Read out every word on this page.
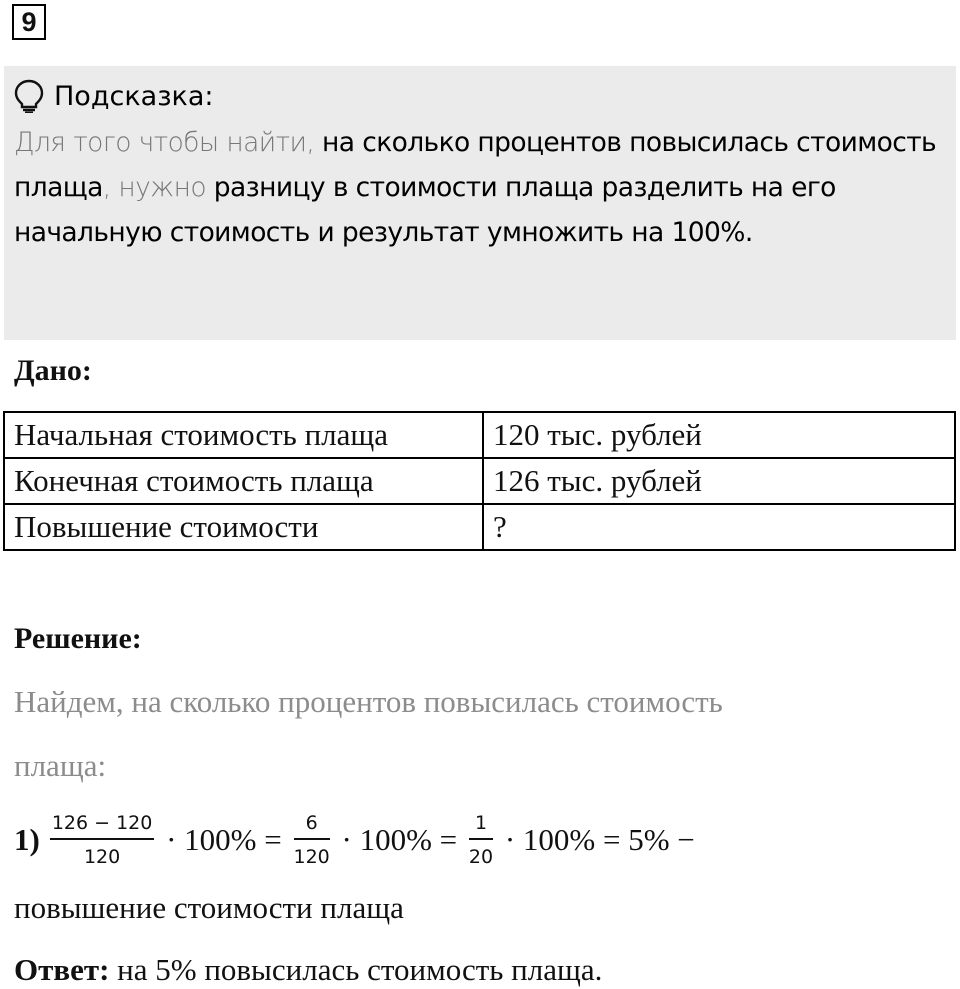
9
Подсказка:
Для того чтобы найти, на сколько процентов повысилась стоимость плаща, нужно разницу в стоимости плаща разделить на его начальную стоимость и результат умножить на 100%.
Дано:
Начальная стоимость плаща	120 тыс. рублей
Конечная стоимость плаща	126 тыс. рублей
Повышение стоимости	?
Решение:
Найдем, на сколько процентов повысилась стоимость
плаща:
$1) \frac{126 - 120}{120} \cdot 100\% = \frac{6}{120} \cdot 100\% = \frac{1}{20} \cdot 100\% = 5\%$ −
повышение стоимости плаща
Ответ: на 5% повысилась стоимость плаща.
